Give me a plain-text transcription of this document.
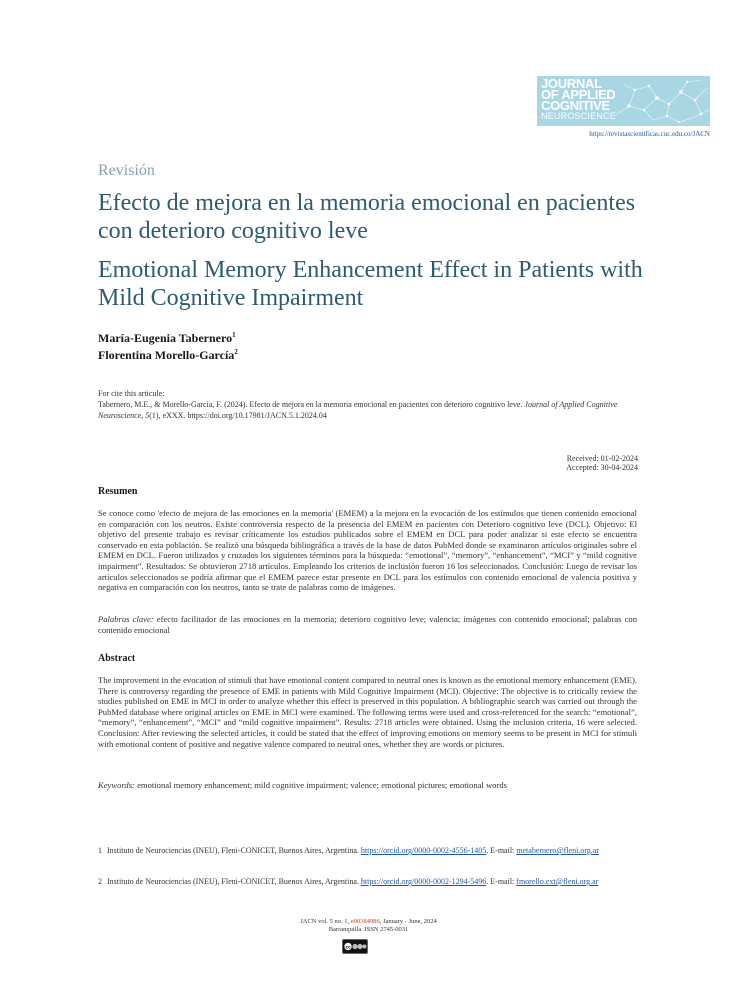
JOURNAL
OF APPLIED
COGNITIVE
NEUROSCIENCE
https://revistascientificas.cuc.edu.co/JACN
Revisión
Efecto de mejora en la memoria emocional en pacientes con deterioro cognitivo leve
Emotional Memory Enhancement Effect in Patients with Mild Cognitive Impairment
María-Eugenia Tabernero$^1$
Florentina Morello-García$^2$
For cite this articule:
Tabernero, M.E., & Morello-García, F. (2024). Efecto de mejora en la memoria emocional en pacientes con deterioro cognitivo leve. Journal of Applied Cognitive Neuroscience, 5(1), eXXX. https://doi.org/10.17981/JACN.5.1.2024.04
Received: 01-02-2024
Accepted: 30-04-2024
Resumen
Se conoce como 'efecto de mejora de las emociones en la memoria' (EMEM) a la mejora en la evocación de los estímulos que tienen contenido emocional en comparación con los neutros. Existe controversia respecto de la presencia del EMEM en pacientes con Deterioro cognitivo leve (DCL). Objetivo: El objetivo del presente trabajo es revisar críticamente los estudios publicados sobre el EMEM en DCL para poder analizar si este efecto se encuentra conservado en esta población. Se realizó una búsqueda bibliográfica a través de la base de datos PubMed donde se examinaron artículos originales sobre el EMEM en DCL. Fueron utilizados y cruzados los siguientes términos para la búsqueda: “emotional”, “memory”, “enhancement”, “MCI” y “mild cognitive impairment”. Resultados: Se obtuvieron 2718 artículos. Empleando los criterios de inclusión fueron 16 los seleccionados. Conclusión: Luego de revisar los artículos seleccionados se podría afirmar que el EMEM parece estar presente en DCL para los estímulos con contenido emocional de valencia positiva y negativa en comparación con los neutros, tanto se trate de palabras como de imágenes.
Palabras clave: efecto facilitador de las emociones en la memoria; deterioro cognitivo leve; valencia; imágenes con contenido emocional; palabras con contenido emocional
Abstract
The improvement in the evocation of stimuli that have emotional content compared to neutral ones is known as the emotional memory enhancement (EME). There is controversy regarding the presence of EME in patients with Mild Cognitive Impairment (MCI). Objective: The objective is to critically review the studies published on EME in MCI in order to analyze whether this effect is preserved in this population. A bibliographic search was carried out through the PubMed database where original articles on EME in MCI were examined. The following terms were used and cross-referenced for the search: “emotional”, “memory”, “enhancement”, “MCI” and “mild cognitive impairment”. Results: 2718 articles were obtained. Using the inclusion criteria, 16 were selected. Conclusion: After reviewing the selected articles, it could be stated that the effect of improving emotions on memory seems to be present in MCI for stimuli with emotional content of positive and negative valence compared to neutral ones, whether they are words or pictures.
Keywords: emotional memory enhancement; mild cognitive impairment; valence; emotional pictures; emotional words
1 Instituto de Neurociencias (INEU), Fleni-CONICET, Buenos Aires, Argentina. https://orcid.org/0000-0002-4556-1405. E-mail: metabernero@fleni.org.ar
2 Instituto de Neurociencias (INEU), Fleni-CONICET, Buenos Aires, Argentina. https://orcid.org/0000-0002-1294-5496. E-mail: fmorello.ext@fleni.org.ar
JACN vol. 5 no. 1, e00384986, January - June, 2024
Barranquilla. ISSN 2745-0031
cc
